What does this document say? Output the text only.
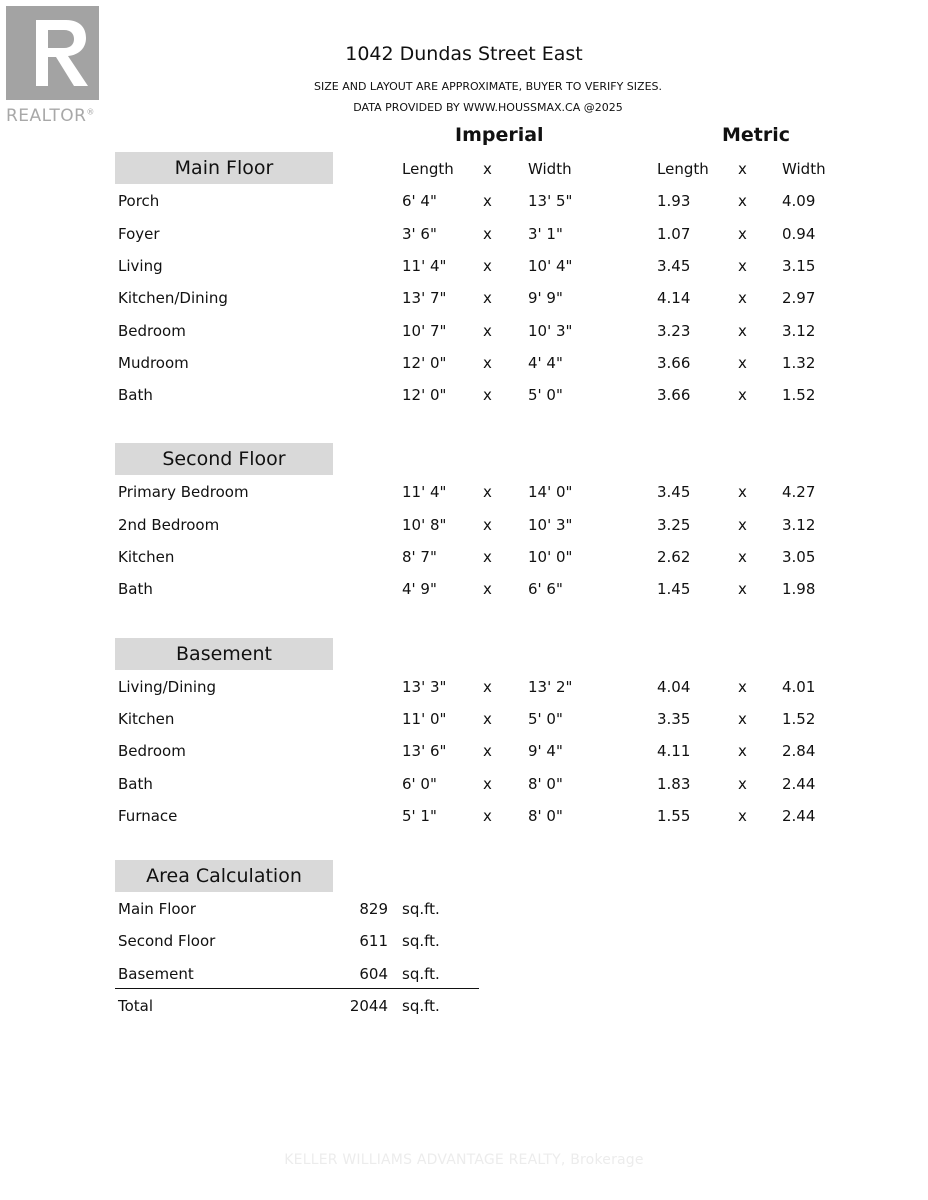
REALTOR®
1042 Dundas Street East
SIZE AND LAYOUT ARE APPROXIMATE, BUYER TO VERIFY SIZES.
DATA PROVIDED BY WWW.HOUSSMAX.CA @2025
Imperial	Metric
Length x Width	Length x Width
Main Floor
Porch	6' 4"	x 13' 5"	1.93	x 4.09
Foyer	3' 6"	x 3' 1"	1.07	x 0.94
Living	11' 4" x 10' 4"	3.45	x 3.15
Kitchen/Dining	13' 7" x 9' 9"	4.14	x 2.97
Bedroom	10' 7" x 10' 3"	3.23	x 3.12
Mudroom	12' 0" x 4' 4"	3.66	x 1.32
Bath	12' 0" x 5' 0"	3.66	x 1.52
Second Floor
Primary Bedroom	11' 4" x 14' 0"	3.45	x 4.27
2nd Bedroom	10' 8" x 10' 3"	3.25	x 3.12
Kitchen	8' 7"	x 10' 0"	2.62	x 3.05
Bath	4' 9"	x 6' 6"	1.45	x 1.98
Basement
Living/Dining	13' 3" x 13' 2"	4.04	x 4.01
Kitchen	11' 0" x 5' 0"	3.35	x 1.52
Bedroom	13' 6" x 9' 4"	4.11	x 2.84
Bath	6' 0"	x 8' 0"	1.83	x 2.44
Furnace	5' 1"	x 8' 0"	1.55	x 2.44
Area Calculation
Main Floor	829 sq.ft.
Second Floor	611 sq.ft.
Basement	604 sq.ft.
Total	2044 sq.ft.
KELLER WILLIAMS ADVANTAGE REALTY, Brokerage
